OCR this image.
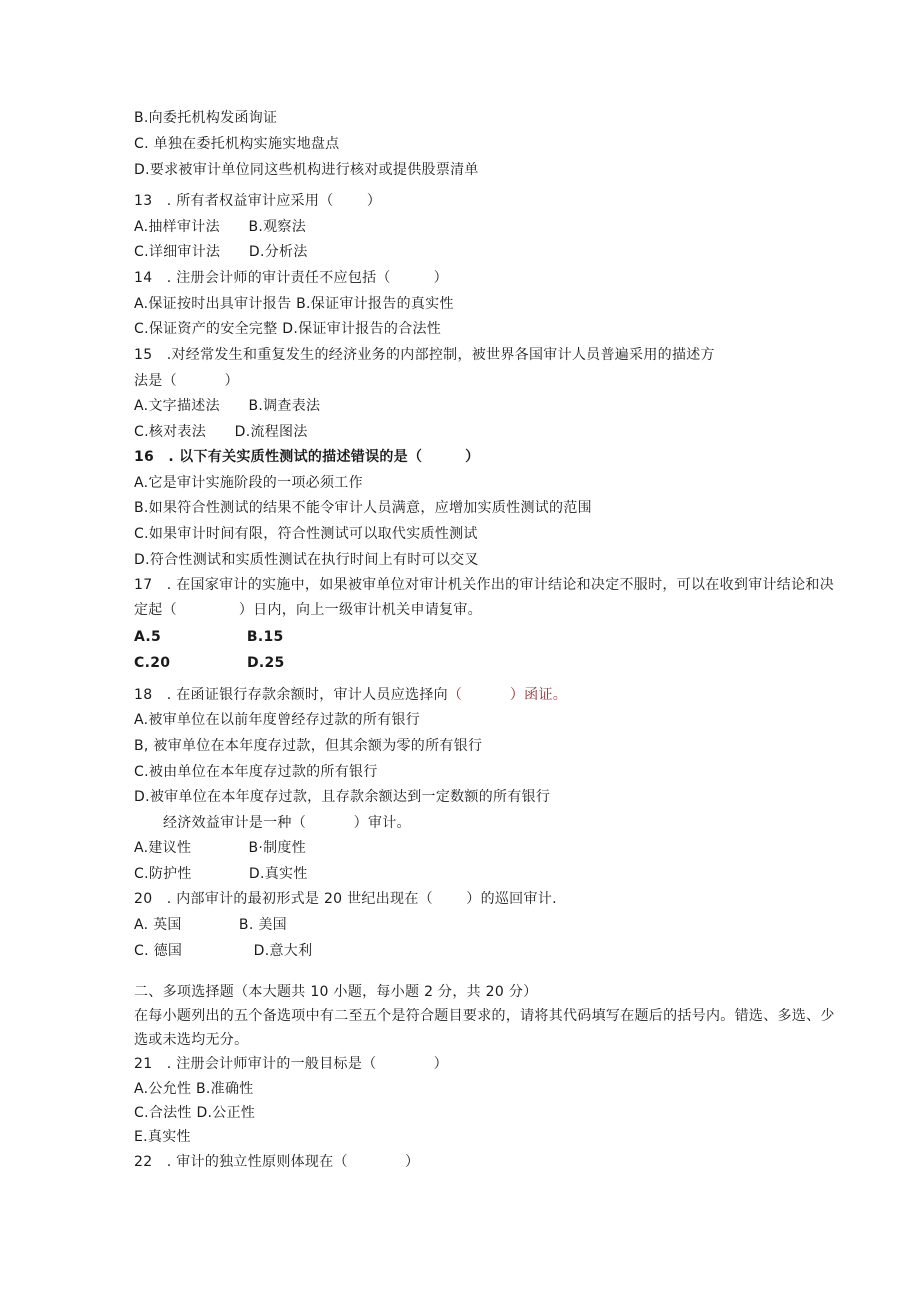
B.向委托机构发函询证
C. 单独在委托机构实施实地盘点
D.要求被审计单位同这些机构进行核对或提供股票清单
13　. 所有者权益审计应采用（　　 ）
A.抽样审计法　　B.观察法
C.详细审计法　　D.分析法
14　. 注册会计师的审计责任不应包括（　　　）
A.保证按时出具审计报告 B.保证审计报告的真实性
C.保证资产的安全完整 D.保证审计报告的合法性
15　.对经常发生和重复发生的经济业务的内部控制，被世界各国审计人员普遍采用的描述方
法是（　　　 ）
A.文字描述法　　B.调查表法
C.核对表法　　D.流程图法
16　. 以下有关实质性测试的描述错误的是（　　　）
A.它是审计实施阶段的一项必须工作
B.如果符合性测试的结果不能令审计人员满意，应增加实质性测试的范围
C.如果审计时间有限，符合性测试可以取代实质性测试
D.符合性测试和实质性测试在执行时间上有时可以交叉
17　. 在国家审计的实施中，如果被审单位对审计机关作出的审计结论和决定不服时，可以在收到审计结论和决
定起（　　　　 ）日内，向上一级审计机关申请复审。
A.5　　　　　　B.15
C.20　　　　　 D.25
18　. 在函证银行存款余额时，审计人员应选择向（　　　 ）函证。
A.被审单位在以前年度曾经存过款的所有银行
B, 被审单位在本年度存过款，但其余额为零的所有银行
C.被由单位在本年度存过款的所有银行
D.被审单位在本年度存过款，且存款余额达到一定数额的所有银行
经济效益审计是一种（　　　 ）审计。
A.建议性　　　　B·制度性
C.防护性　　　　D.真实性
20　. 内部审计的最初形式是 20 世纪出现在（　　 ）的巡回审计.
A. 英国　　　　B. 美国
C. 德国　　　　　D.意大利
二、多项选择题（本大题共 10 小题，每小题 2 分，共 20 分）
在每小题列出的五个备选项中有二至五个是符合题目要求的，请将其代码填写在题后的括号内。错选、多选、少
选或未选均无分。
21　. 注册会计师审计的一般目标是（　　　　）
A.公允性 B.准确性
C.合法性 D.公正性
E.真实性
22　. 审计的独立性原则体现在（　　　　）
